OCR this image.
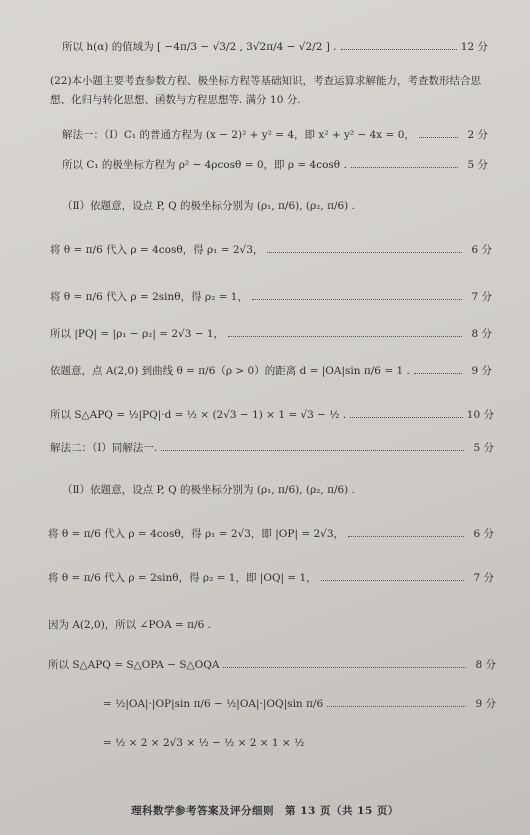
所以 h(α) 的值域为 [ −4π/3 − √3/2 , 3√2π/4 − √2/2 ] .	12 分
(22)本小题主要考查参数方程、极坐标方程等基础知识，考查运算求解能力，考查数形结合思想、化归与转化思想、函数与方程思想等. 满分 10 分.
解法一：（Ⅰ）C₁ 的普通方程为 (x − 2)² + y² = 4，即 x² + y² − 4x = 0，	2 分
所以 C₁ 的极坐标方程为 ρ² − 4ρcosθ = 0，即 ρ = 4cosθ .	5 分
（Ⅱ）依题意，设点 P, Q 的极坐标分别为 (ρ₁, π/6), (ρ₂, π/6) .
将 θ = π/6 代入 ρ = 4cosθ，得 ρ₁ = 2√3，	6 分
将 θ = π/6 代入 ρ = 2sinθ，得 ρ₂ = 1，	7 分
所以 |PQ| = |ρ₁ − ρ₂| = 2√3 − 1，	8 分
依题意，点 A(2,0) 到曲线 θ = π/6（ρ > 0）的距离 d = |OA|sin π/6 = 1 .	9 分
所以 S△APQ = ½|PQ|·d = ½ × (2√3 − 1) × 1 = √3 − ½ .	10 分
解法二：（Ⅰ）同解法一.	5 分
（Ⅱ）依题意，设点 P, Q 的极坐标分别为 (ρ₁, π/6), (ρ₂, π/6) .
将 θ = π/6 代入 ρ = 4cosθ，得 ρ₁ = 2√3，即 |OP| = 2√3，	6 分
将 θ = π/6 代入 ρ = 2sinθ，得 ρ₂ = 1，即 |OQ| = 1，	7 分
因为 A(2,0)，所以 ∠POA = π/6 .
所以 S△APQ = S△OPA − S△OQA	8 分
= ½|OA|·|OP|sin π/6 − ½|OA|·|OQ|sin π/6	9 分
= ½ × 2 × 2√3 × ½ − ½ × 2 × 1 × ½
理科数学参考答案及评分细则　第 13 页（共 15 页）
